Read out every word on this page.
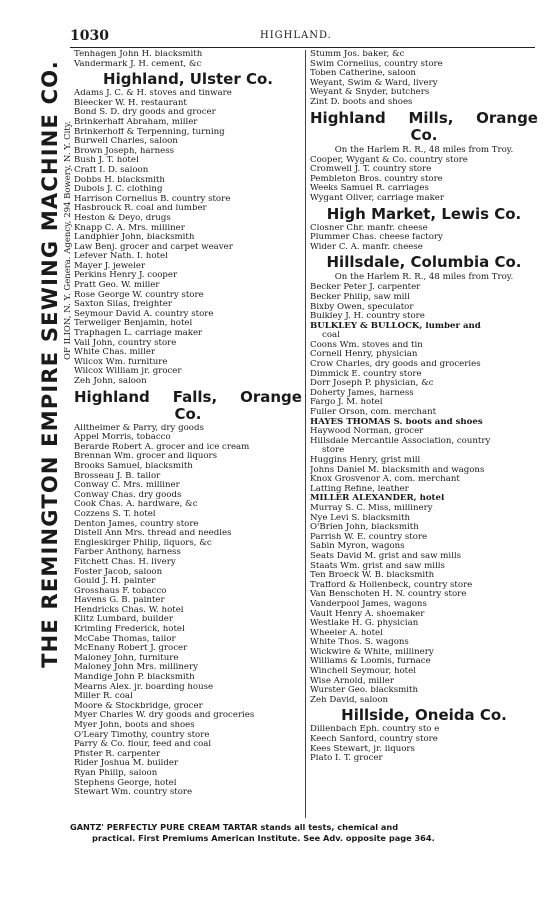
1030	HIGHLAND.
THE REMINGTON EMPIRE SEWING MACHINE CO. OF ILION, N. Y. Genera. Agency, 294 Bowery, N. Y. City.
Tenhagen John H. blacksmith
Vandermark J. H. cement, &c
Highland, Ulster Co.
Adams J. C. & H. stoves and tinware
Bleecker W. H. restaurant
Bond S. D. dry goods and grocer
Brinkerhaff Abraham, miller
Brinkerhoff & Terpenning, turning
Burwell Charles, saloon
Brown Joseph, harness
Bush J. T. hotel
Craft I. D. saloon
Dobbs H. blacksmith
Dubois J. C. clothing
Harrison Cornelius B. country store
Hasbrouck R. coal and lumber
Heston & Deyo, drugs
Knapp C. A. Mrs. milliner
Landphier John, blacksmith
Law Benj. grocer and carpet weaver
Lefever Nath. I. hotel
Mayer J. jeweler
Perkins Henry J. cooper
Pratt Geo. W. miller
Rose George W. country store
Saxton Silas, freighter
Seymour David A. country store
Terweliger Benjamin, hotel
Traphagen L. carriage maker
Vail John, country store
White Chas. miller
Wilcox Wm. furniture
Wilcox William jr. grocer
Zeh John, saloon
Highland Falls, Orange
Co.
Alltheimer & Parry, dry goods
Appel Morris, tobacco
Berarde Robert A. grocer and ice cream
Brennan Wm. grocer and liquors
Brooks Samuel, blacksmith
Brosseau J. B. tailor
Conway C. Mrs. milliner
Conway Chas. dry goods
Cook Chas. A. hardware, &c
Cozzens S. T. hotel
Denton James, country store
Distell Ann Mrs. thread and needles
Engleskirger Philip, liquors, &c
Farber Anthony, harness
Fitchett Chas. H. livery
Foster Jacob, saloon
Gould J. H. painter
Grosshaus F. tobacco
Havens G. B. painter
Hendricks Chas. W. hotel
Klitz Lumbard, builder
Krimling Frederick, hotel
McCabe Thomas, tailor
McEnany Robert J. grocer
Maloney John, furniture
Maloney John Mrs. millinery
Mandige John P. blacksmith
Mearns Alex. jr. boarding house
Miller R. coal
Moore & Stockbridge, grocer
Myer Charles W. dry goods and groceries
Myer John, boots and shoes
O'Leary Timothy, country store
Parry & Co. flour, feed and coal
Pfister R. carpenter
Rider Joshua M. builder
Ryan Philip, saloon
Stephens George, hotel
Stewart Wm. country store
Stumm Jos. baker, &c
Swim Cornelius, country store
Toben Catherine, saloon
Weyant, Swim & Ward, livery
Weyant & Snyder, butchers
Zint D. boots and shoes
Highland Mills, Orange
Co.
On the Harlem R. R., 48 miles from Troy.
Cooper, Wygant & Co. country store
Cromwell J. T. country store
Pembleton Bros. country store
Weeks Samuel R. carriages
Wygant Oliver, carriage maker
High Market, Lewis Co.
Closner Chr. manfr. cheese
Plummer Chas. cheese factory
Wider C. A. manfr. cheese
Hillsdale, Columbia Co.
On the Harlem R. R., 48 miles from Troy.
Becker Peter J. carpenter
Becker Philip, saw mill
Bixby Owen, speculator
Bulkley J. H. country store
BULKLEY & BULLOCK, lumber and
coal
Coons Wm. stoves and tin
Cornell Henry, physician
Crow Charles, dry goods and groceries
Dimmick E. country store
Dorr Joseph P. physician, &c
Doherty James, harness
Fargo J. M. hotel
Fuller Orson, com. merchant
HAYES THOMAS S. boots and shoes
Haywood Norman, grocer
Hillsdale Mercantile Association, country
store
Huggins Henry, grist mill
Johns Daniel M. blacksmith and wagons
Knox Grosvenor A. com. merchant
Latting Refine, leather
MILLER ALEXANDER, hotel
Murray S. C. Miss, millinery
Nye Levi S. blacksmith
O'Brien John, blacksmith
Parrish W. E. country store
Sabin Myron, wagons
Seats David M. grist and saw mills
Staats Wm. grist and saw mills
Ten Broeck W. B. blacksmith
Trafford & Hollenbeck, country store
Van Benschoten H. N. country store
Vanderpool James, wagons
Vault Henry A. shoemaker
Westlake H. G. physician
Wheeler A. hotel
White Thos. S. wagons
Wickwire & White, millinery
Williams & Loomis, furnace
Winchell Seymour, hotel
Wise Arnold, miller
Wurster Geo. blacksmith
Zeh David, saloon
Hillside, Oneida Co.
Dillenbach Eph. country sto e
Keech Sanford, country store
Kees Stewart, jr. liquors
Plato I. T. grocer
GANTZ' PERFECTLY PURE CREAM TARTAR stands all tests, chemical and
practical. First Premiums American Institute. See Adv. opposite page 364.
